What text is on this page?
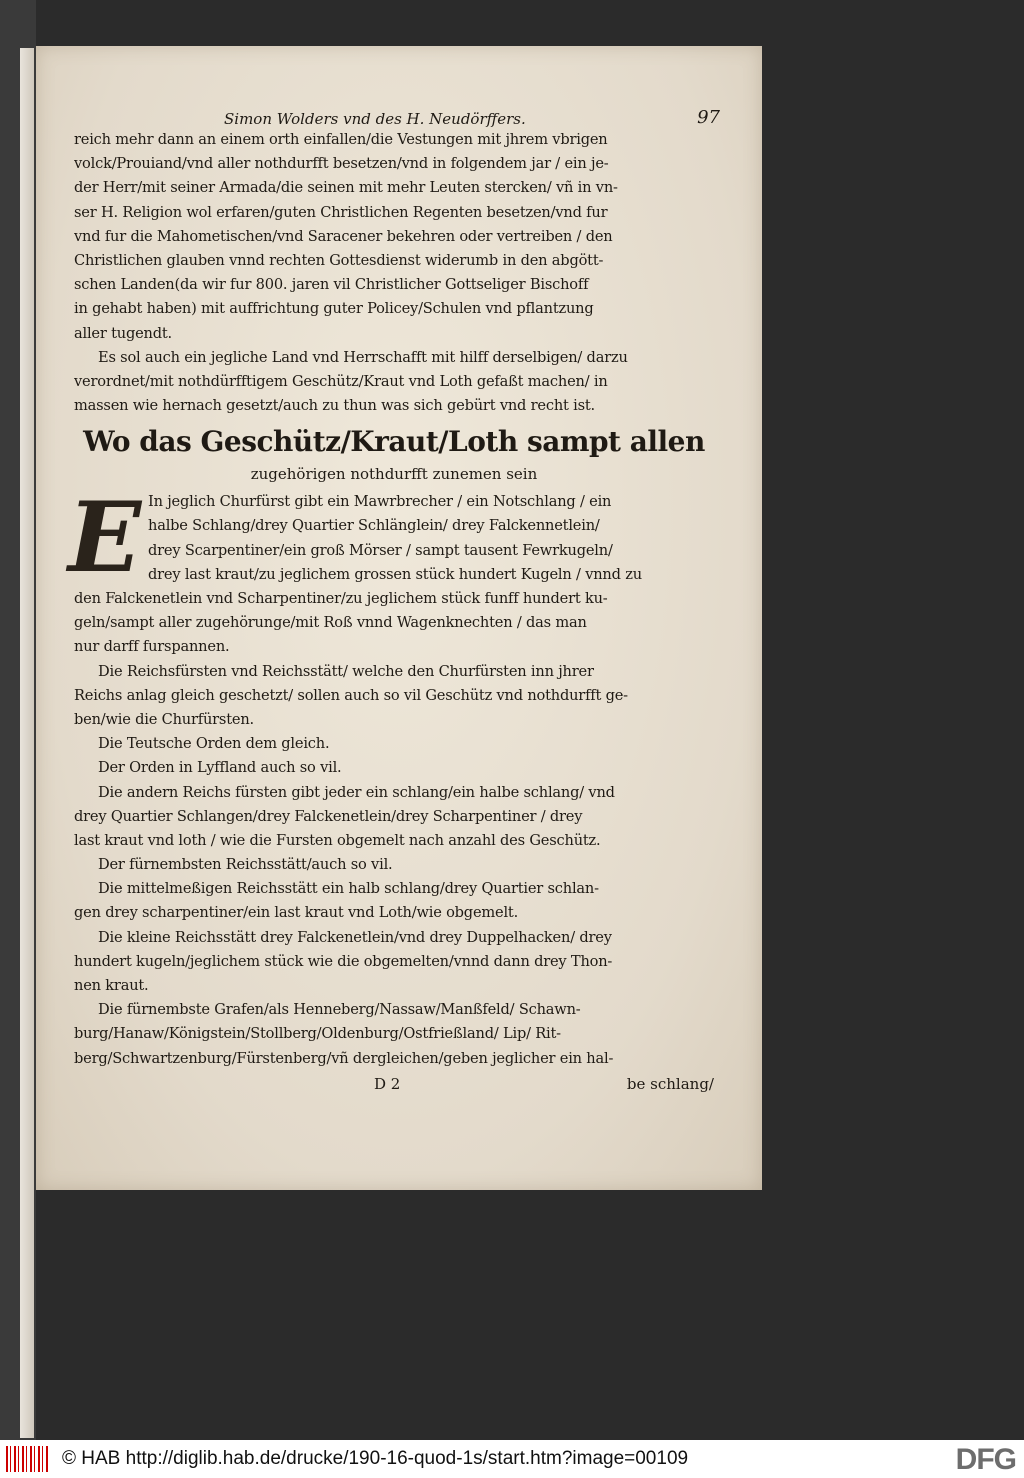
Simon Wolders vnd des H. Neudörffers.	97
reich mehr dann an einem orth einfallen/die Vestungen mit jhrem vbrigen
volck/Prouiand/vnd aller nothdurfft besetzen/vnd in folgendem jar / ein je-
der Herr/mit seiner Armada/die seinen mit mehr Leuten stercken/ vñ in vn-
ser H. Religion wol erfaren/guten Christlichen Regenten besetzen/vnd fur
vnd fur die Mahometischen/vnd Saracener bekehren oder vertreiben / den
Christlichen glauben vnnd rechten Gottesdienst widerumb in den abgött-
schen Landen(da wir fur 800. jaren vil Christlicher Gottseliger Bischoff
in gehabt haben) mit auffrichtung guter Policey/Schulen vnd pflantzung
aller tugendt.
Es sol auch ein jegliche Land vnd Herrschafft mit hilff derselbigen/ darzu
verordnet/mit nothdürfftigem Geschütz/Kraut vnd Loth gefaßt machen/ in
massen wie hernach gesetzt/auch zu thun was sich gebürt vnd recht ist.
Wo das Geschütz/Kraut/Loth sampt allen
zugehörigen nothdurfft zunemen sein
E In jeglich Churfürst gibt ein Mawrbrecher / ein Notschlang / ein
halbe Schlang/drey Quartier Schlänglein/ drey Falckennetlein/
drey Scarpentiner/ein groß Mörser / sampt tausent Fewrkugeln/
drey last kraut/zu jeglichem grossen stück hundert Kugeln / vnnd zu
den Falckenetlein vnd Scharpentiner/zu jeglichem stück funff hundert ku-
geln/sampt aller zugehörunge/mit Roß vnnd Wagenknechten / das man
nur darff furspannen.
Die Reichsfürsten vnd Reichsstätt/ welche den Churfürsten inn jhrer
Reichs anlag gleich geschetzt/ sollen auch so vil Geschütz vnd nothdurfft ge-
ben/wie die Churfürsten.
Die Teutsche Orden dem gleich.
Der Orden in Lyffland auch so vil.
Die andern Reichs fürsten gibt jeder ein schlang/ein halbe schlang/ vnd
drey Quartier Schlangen/drey Falckenetlein/drey Scharpentiner / drey
last kraut vnd loth / wie die Fursten obgemelt nach anzahl des Geschütz.
Der fürnembsten Reichsstätt/auch so vil.
Die mittelmeßigen Reichsstätt ein halb schlang/drey Quartier schlan-
gen drey scharpentiner/ein last kraut vnd Loth/wie obgemelt.
Die kleine Reichsstätt drey Falckenetlein/vnd drey Duppelhacken/ drey
hundert kugeln/jeglichem stück wie die obgemelten/vnnd dann drey Thon-
nen kraut.
Die fürnembste Grafen/als Henneberg/Nassaw/Manßfeld/ Schawn-
burg/Hanaw/Königstein/Stollberg/Oldenburg/Ostfrießland/ Lip/ Rit-
berg/Schwartzenburg/Fürstenberg/vñ dergleichen/geben jeglicher ein hal-
D 2	be schlang/
© HAB http://diglib.hab.de/drucke/190-16-quod-1s/start.htm?image=00109	DFG
